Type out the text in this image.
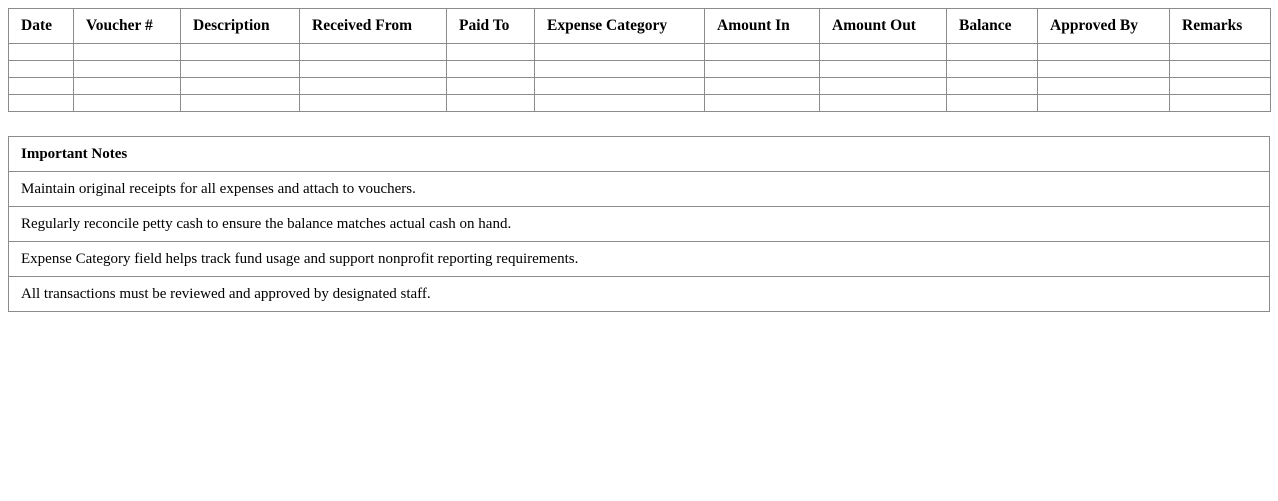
Date	Voucher #	Description	Received From	Paid To	Expense Category	Amount In	Amount Out	Balance	Approved By	Remarks

Important Notes
Maintain original receipts for all expenses and attach to vouchers.
Regularly reconcile petty cash to ensure the balance matches actual cash on hand.
Expense Category field helps track fund usage and support nonprofit reporting requirements.
All transactions must be reviewed and approved by designated staff.
